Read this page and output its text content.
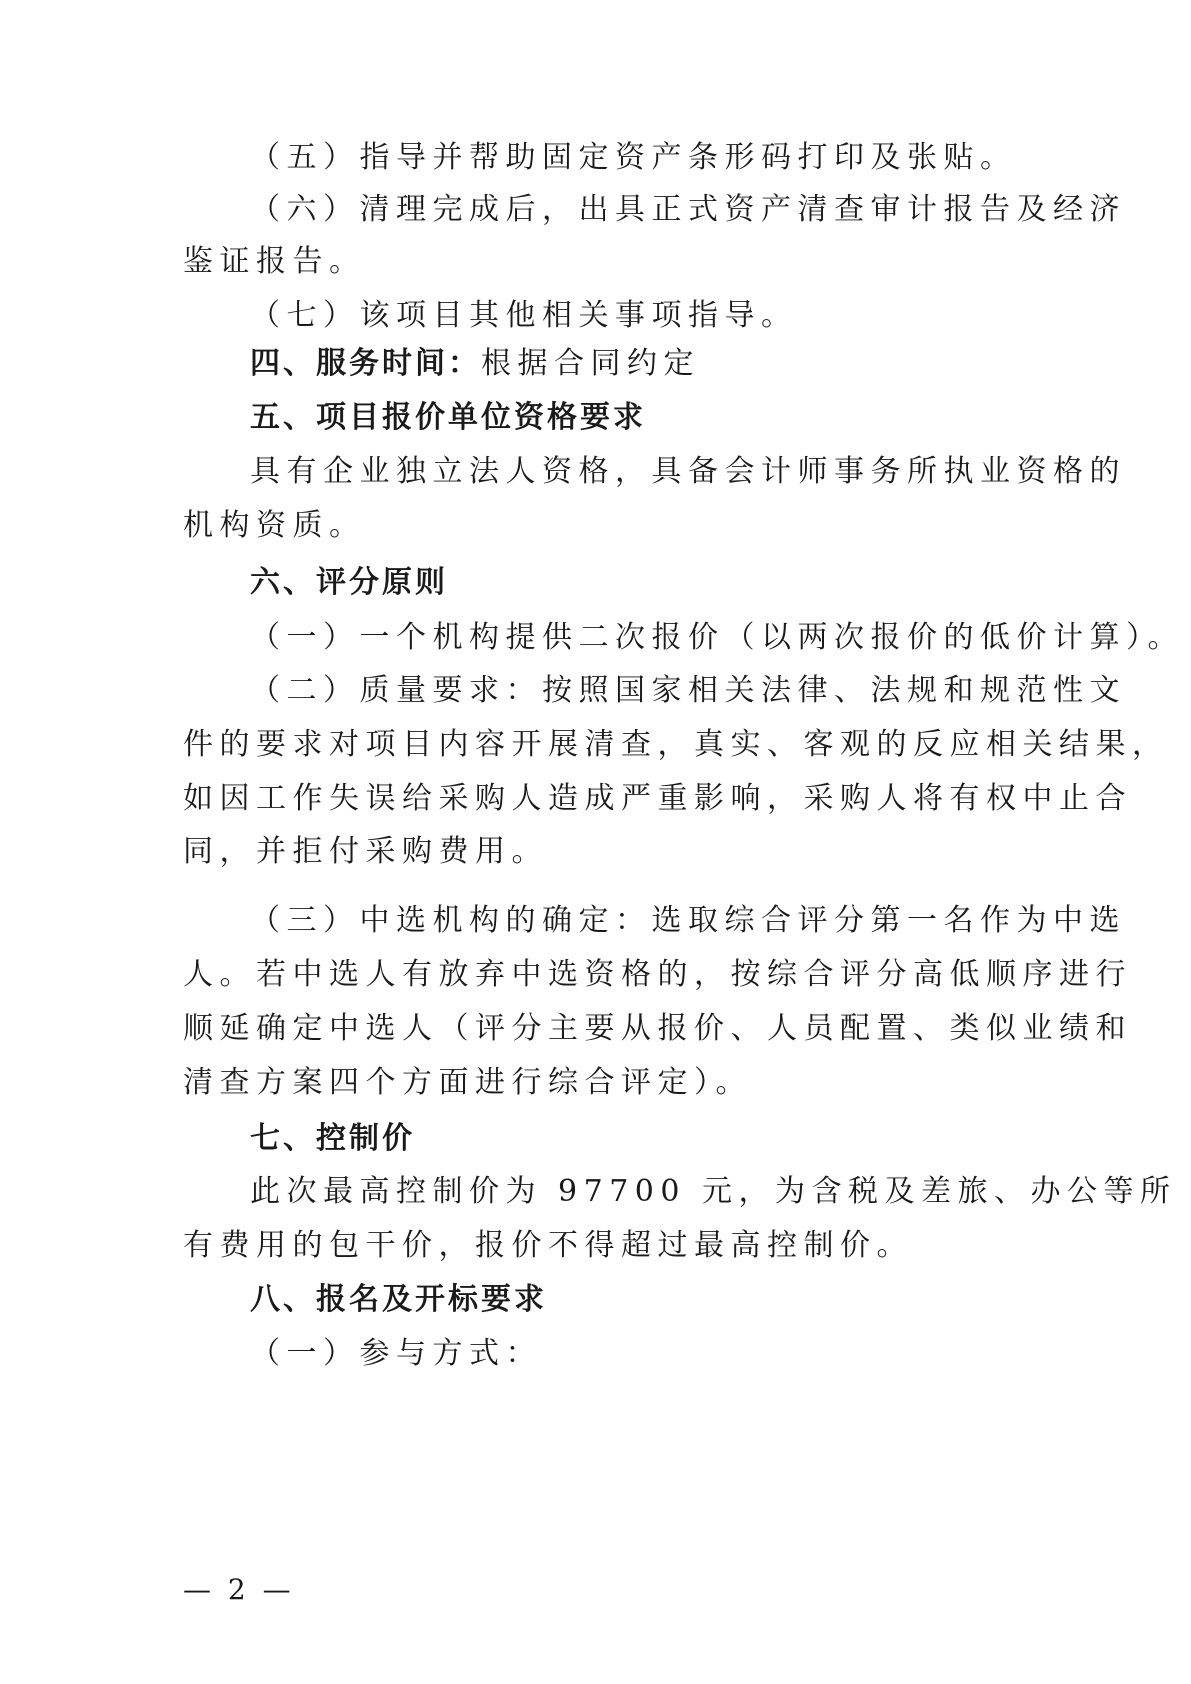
（五）指导并帮助固定资产条形码打印及张贴。
（六）清理完成后，出具正式资产清查审计报告及经济
鉴证报告。
（七）该项目其他相关事项指导。
四、服务时间：根据合同约定
五、项目报价单位资格要求
具有企业独立法人资格，具备会计师事务所执业资格的
机构资质。
六、评分原则
（一）一个机构提供二次报价（以两次报价的低价计算）。
（二）质量要求：按照国家相关法律、法规和规范性文
件的要求对项目内容开展清查，真实、客观的反应相关结果，
如因工作失误给采购人造成严重影响，采购人将有权中止合
同，并拒付采购费用。
（三）中选机构的确定：选取综合评分第一名作为中选
人。若中选人有放弃中选资格的，按综合评分高低顺序进行
顺延确定中选人（评分主要从报价、人员配置、类似业绩和
清查方案四个方面进行综合评定）。
七、控制价
此次最高控制价为 97700 元，为含税及差旅、办公等所
有费用的包干价，报价不得超过最高控制价。
八、报名及开标要求
（一）参与方式：
— 2 —
